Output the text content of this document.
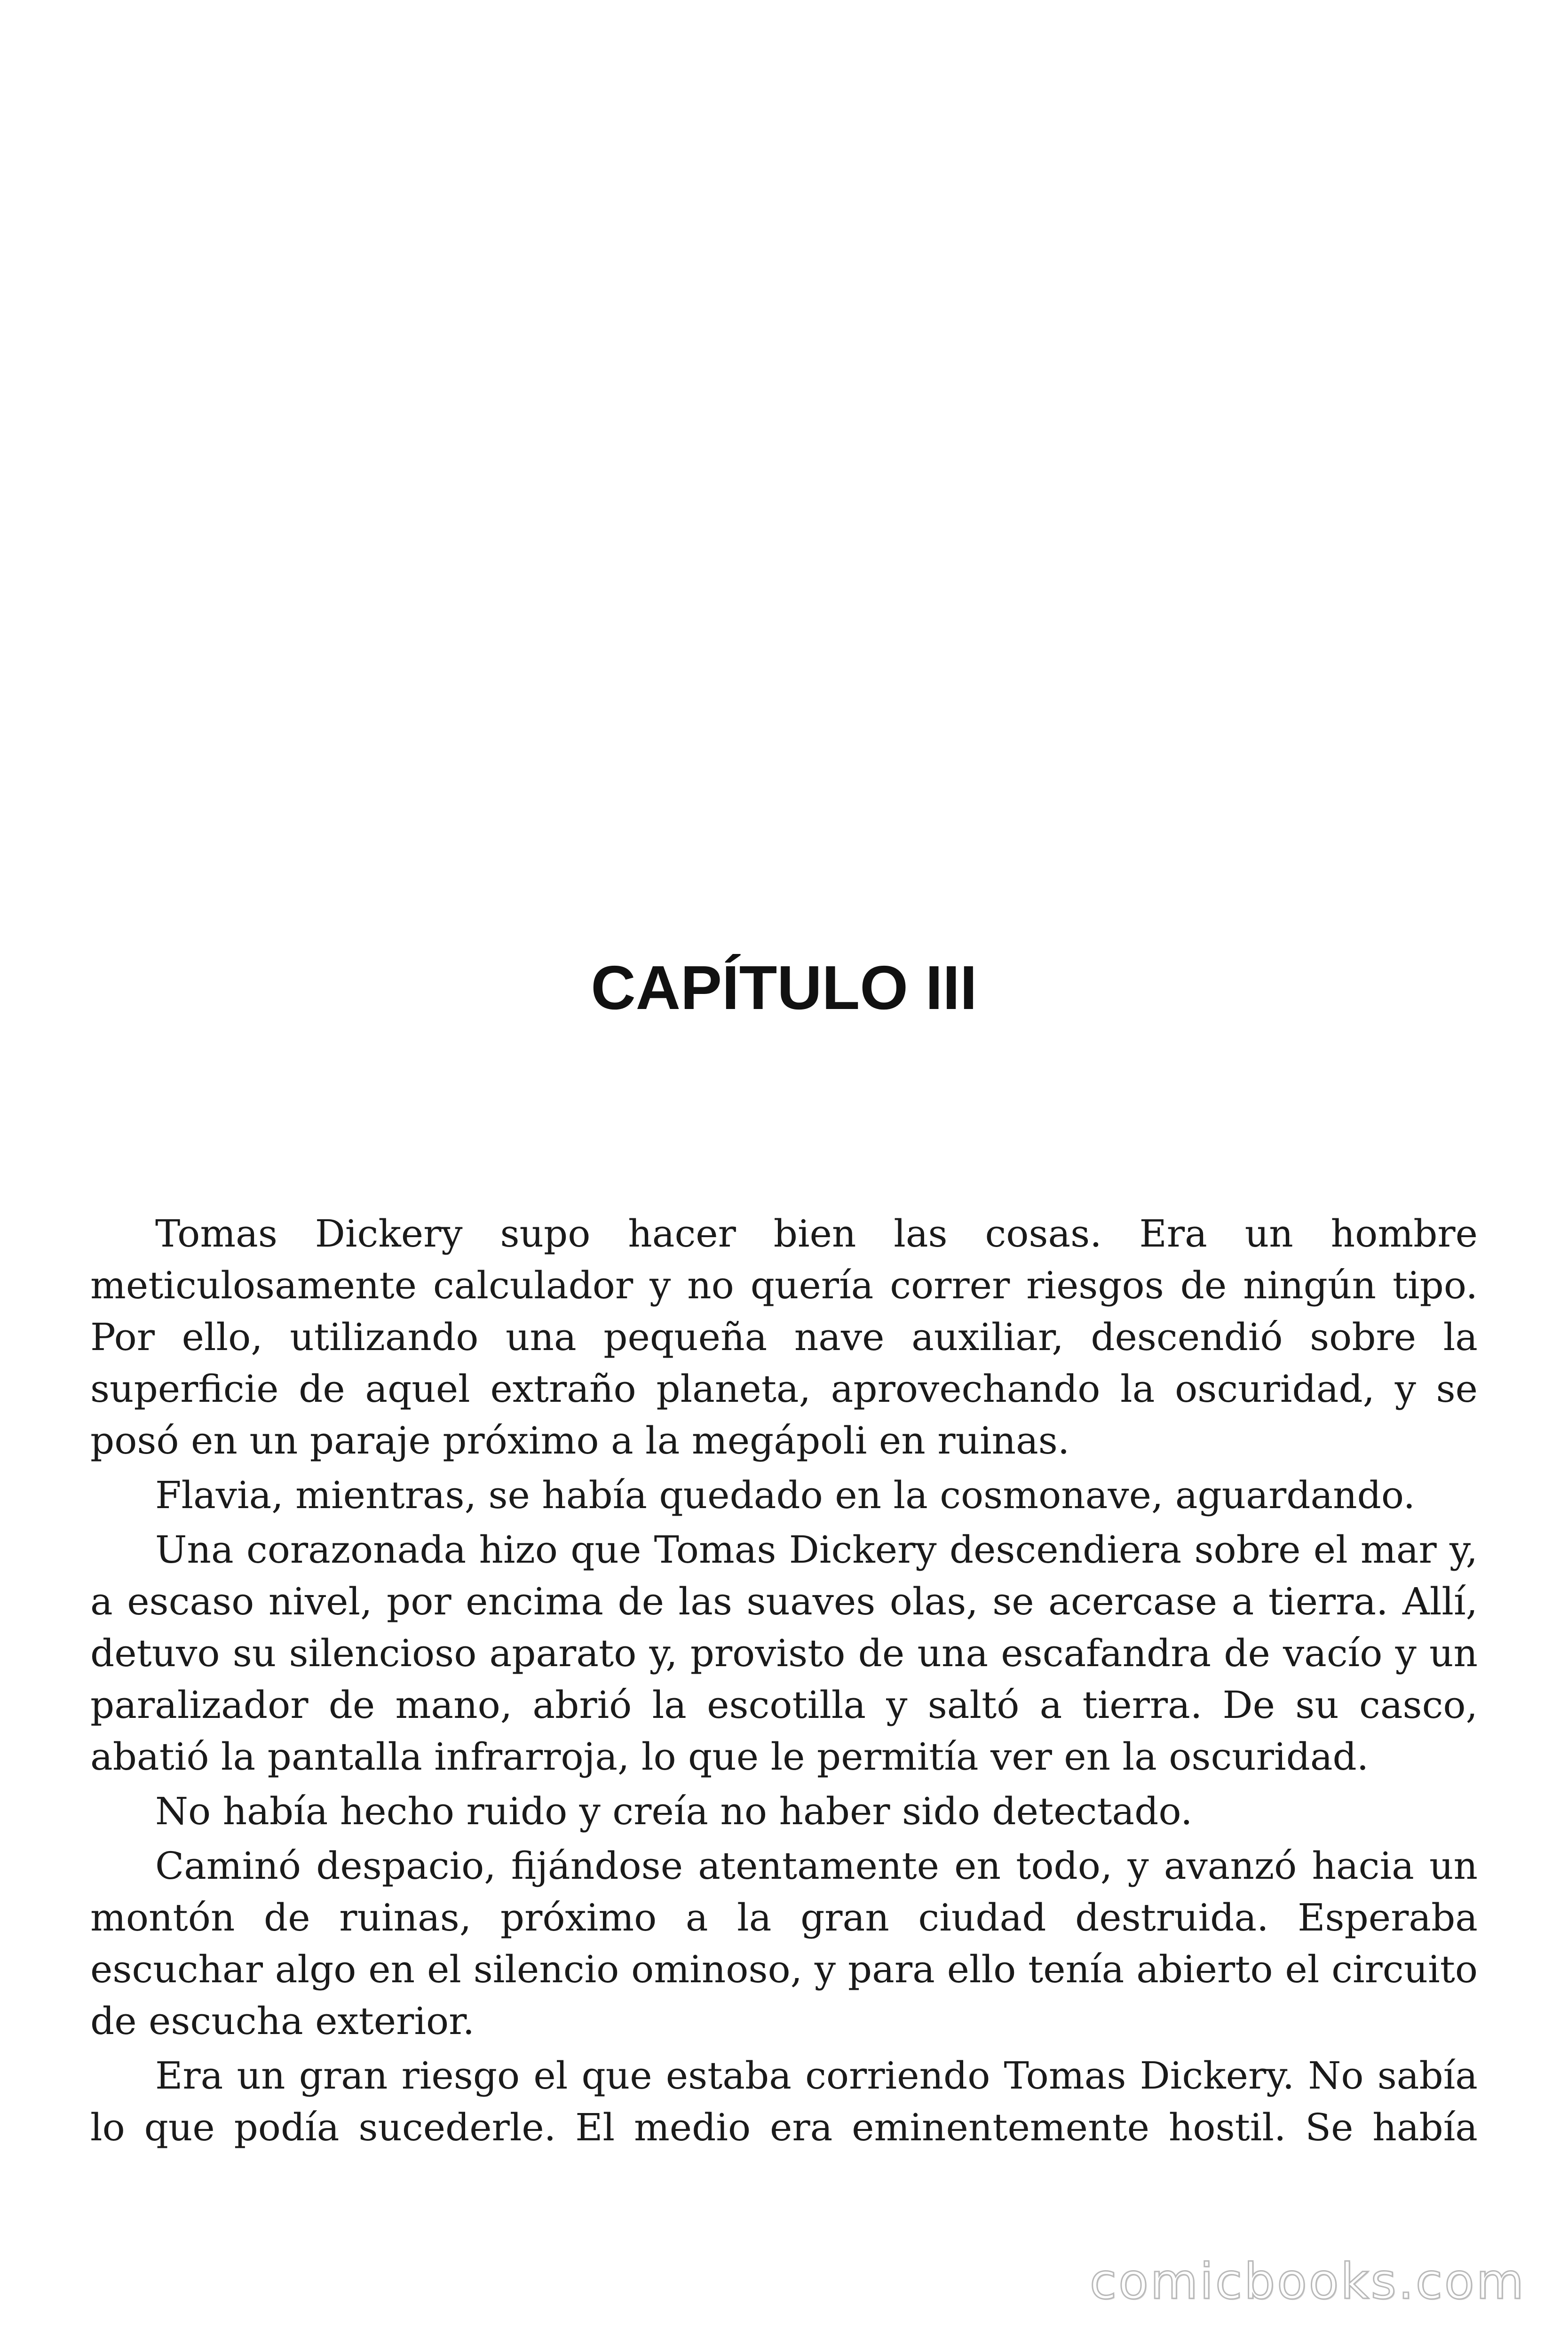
CAPÍTULO III

Tomas Dickery supo hacer bien las cosas. Era un hombre meticulosamente calculador y no quería correr riesgos de ningún tipo. Por ello, utilizando una pequeña nave auxiliar, descendió sobre la superficie de aquel extraño planeta, aprovechando la oscuridad, y se posó en un paraje próximo a la megápoli en ruinas.

Flavia, mientras, se había quedado en la cosmonave, aguardando.

Una corazonada hizo que Tomas Dickery descendiera sobre el mar y, a escaso nivel, por encima de las suaves olas, se acercase a tierra. Allí, detuvo su silencioso aparato y, provisto de una escafandra de vacío y un paralizador de mano, abrió la escotilla y saltó a tierra. De su casco, abatió la pantalla infrarroja, lo que le permitía ver en la oscuridad.

No había hecho ruido y creía no haber sido detectado.

Caminó despacio, fijándose atentamente en todo, y avanzó hacia un montón de ruinas, próximo a la gran ciudad destruida. Esperaba escuchar algo en el silencio ominoso, y para ello tenía abierto el circuito de escucha exterior.

Era un gran riesgo el que estaba corriendo Tomas Dickery. No sabía lo que podía sucederle. El medio era eminentemente hostil. Se había

comicbooks.com
